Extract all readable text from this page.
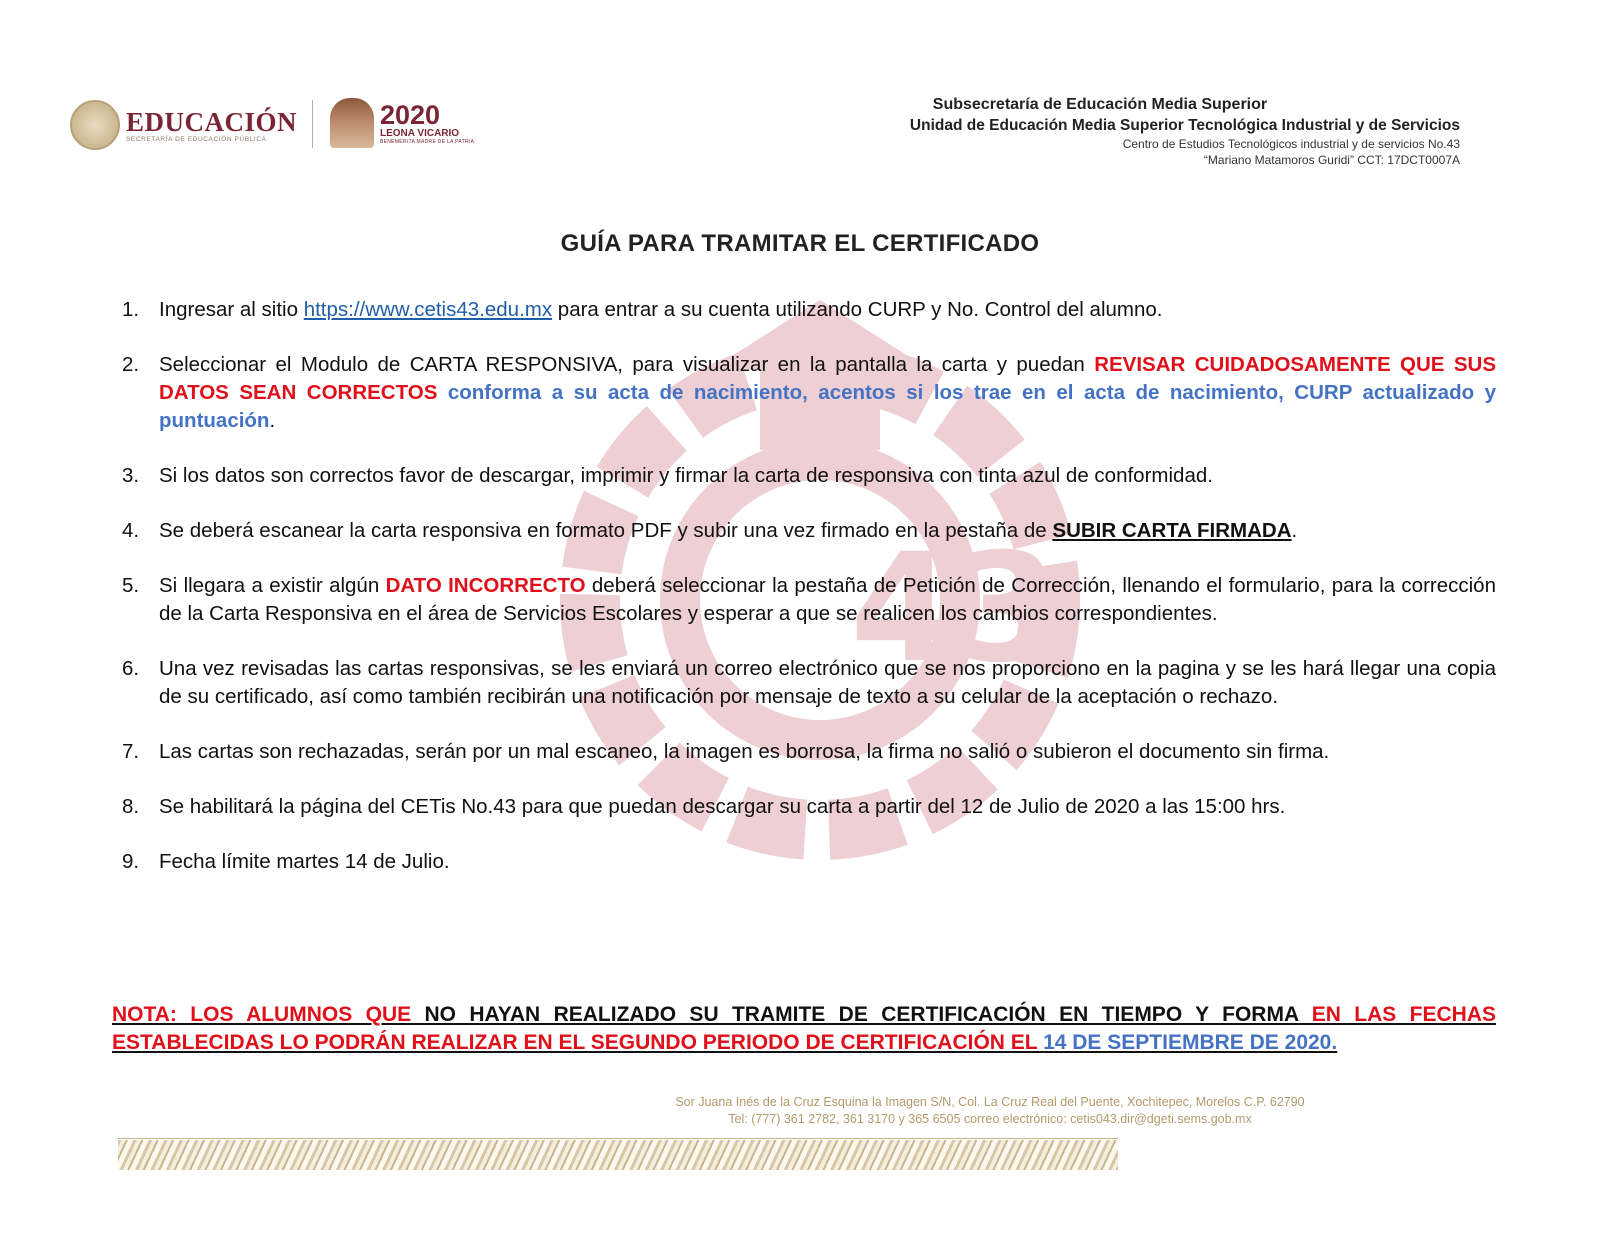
43
EDUCACIÓN
SECRETARÍA DE EDUCACIÓN PÚBLICA
2020
LEONA VICARIO
BENEMÉRITA MADRE DE LA PATRIA
Subsecretaría de Educación Media Superior
Unidad de Educación Media Superior Tecnológica Industrial y de Servicios
Centro de Estudios Tecnológicos industrial y de servicios No.43
“Mariano Matamoros Guridi” CCT: 17DCT0007A
GUÍA PARA TRAMITAR EL CERTIFICADO
1. Ingresar al sitio https://www.cetis43.edu.mx para entrar a su cuenta utilizando CURP y No. Control del alumno.
2. Seleccionar el Modulo de CARTA RESPONSIVA, para visualizar en la pantalla la carta y puedan REVISAR CUIDADOSAMENTE QUE SUS DATOS SEAN CORRECTOS conforma a su acta de nacimiento, acentos si los trae en el acta de nacimiento, CURP actualizado y puntuación.
3. Si los datos son correctos favor de descargar, imprimir y firmar la carta de responsiva con tinta azul de conformidad.
4. Se deberá escanear la carta responsiva en formato PDF y subir una vez firmado en la pestaña de SUBIR CARTA FIRMADA.
5. Si llegara a existir algún DATO INCORRECTO deberá seleccionar la pestaña de Petición de Corrección, llenando el formulario, para la corrección de la Carta Responsiva en el área de Servicios Escolares y esperar a que se realicen los cambios correspondientes.
6. Una vez revisadas las cartas responsivas, se les enviará un correo electrónico que se nos proporciono en la pagina y se les hará llegar una copia de su certificado, así como también recibirán una notificación por mensaje de texto a su celular de la aceptación o rechazo.
7. Las cartas son rechazadas, serán por un mal escaneo, la imagen es borrosa, la firma no salió o subieron el documento sin firma.
8. Se habilitará la página del CETis No.43 para que puedan descargar su carta a partir del 12 de Julio de 2020 a las 15:00 hrs.
9. Fecha límite martes 14 de Julio.
NOTA: LOS ALUMNOS QUE NO HAYAN REALIZADO SU TRAMITE DE CERTIFICACIÓN EN TIEMPO Y FORMA EN LAS FECHAS ESTABLECIDAS LO PODRÁN REALIZAR EN EL SEGUNDO PERIODO DE CERTIFICACIÓN EL 14 DE SEPTIEMBRE DE 2020.
Sor Juana Inés de la Cruz Esquina la Imagen S/N, Col. La Cruz Real del Puente, Xochitepec, Morelos C.P. 62790
Tel: (777) 361 2782, 361 3170 y 365 6505 correo electrónico: cetis043.dir@dgeti.sems.gob.mx
